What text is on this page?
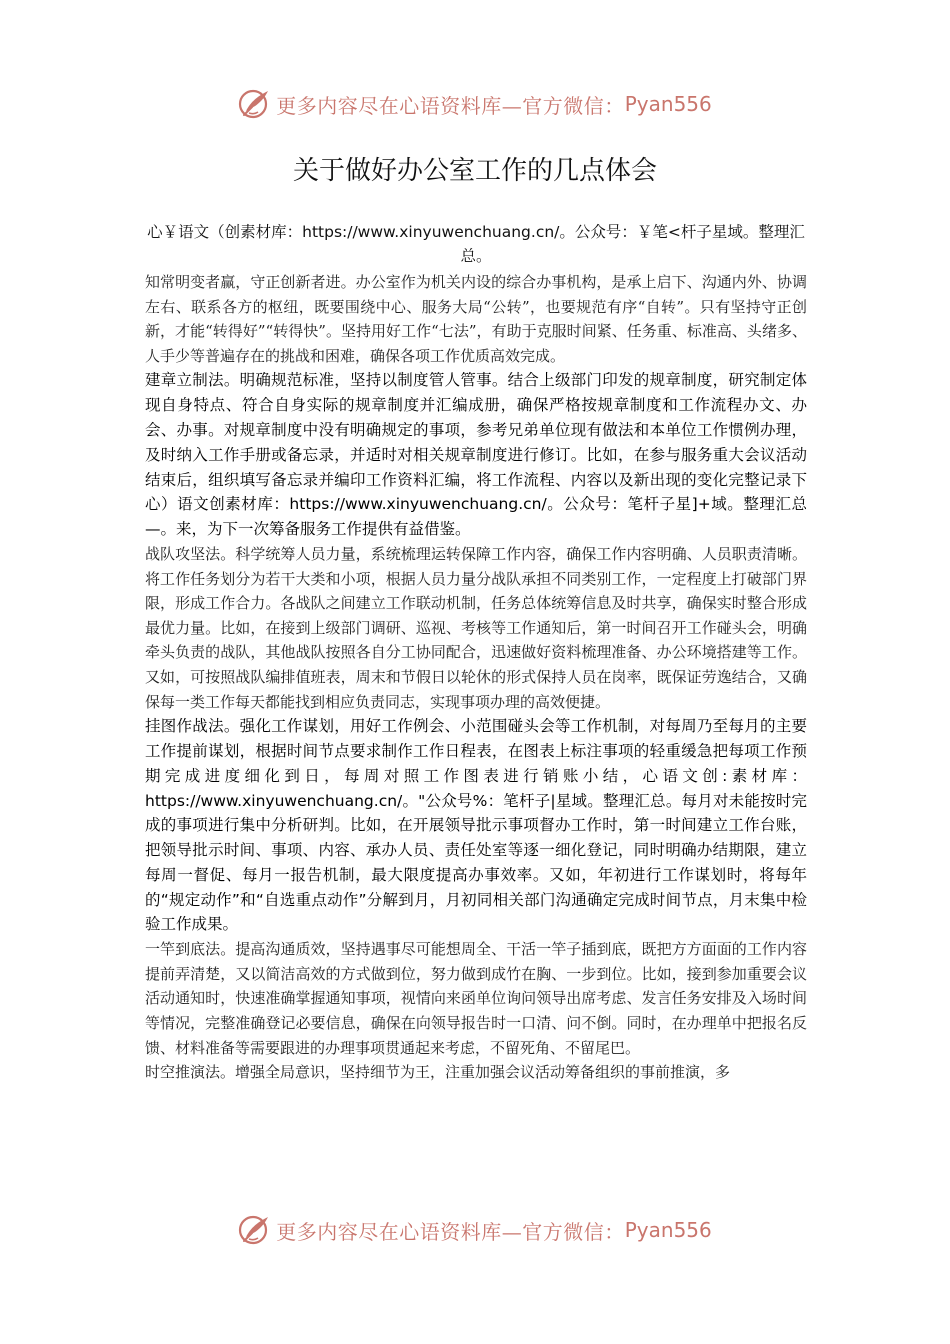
更多内容尽在心语资料库—官方微信： Pyan556
关于做好办公室工作的几点体会
心￥语文（创素材库：https://www.xinyuwenchuang.cn/。公众号：￥笔<杆子星域。整理汇总。

知常明变者赢，守正创新者进。办公室作为机关内设的综合办事机构，是承上启下、沟通内外、协调左右、联系各方的枢纽，既要围绕中心、服务大局“公转”，也要规范有序“自转”。只有坚持守正创新，才能“转得好”“转得快”。坚持用好工作“七法”，有助于克服时间紧、任务重、标准高、头绪多、人手少等普遍存在的挑战和困难，确保各项工作优质高效完成。

建章立制法。明确规范标准，坚持以制度管人管事。结合上级部门印发的规章制度，研究制定体现自身特点、符合自身实际的规章制度并汇编成册，确保严格按规章制度和工作流程办文、办会、办事。对规章制度中没有明确规定的事项，参考兄弟单位现有做法和本单位工作惯例办理，及时纳入工作手册或备忘录，并适时对相关规章制度进行修订。比如，在参与服务重大会议活动结束后，组织填写备忘录并编印工作资料汇编，将工作流程、内容以及新出现的变化完整记录下心）语文创素材库：https://www.xinyuwenchuang.cn/。公众号：笔杆子星]+域。整理汇总—。来，为下一次筹备服务工作提供有益借鉴。

战队攻坚法。科学统筹人员力量，系统梳理运转保障工作内容，确保工作内容明确、人员职责清晰。将工作任务划分为若干大类和小项，根据人员力量分战队承担不同类别工作，一定程度上打破部门界限，形成工作合力。各战队之间建立工作联动机制，任务总体统筹信息及时共享，确保实时整合形成最优力量。比如，在接到上级部门调研、巡视、考核等工作通知后，第一时间召开工作碰头会，明确牵头负责的战队，其他战队按照各自分工协同配合，迅速做好资料梳理准备、办公环境搭建等工作。又如，可按照战队编排值班表，周末和节假日以轮休的形式保持人员在岗率，既保证劳逸结合，又确保每一类工作每天都能找到相应负责同志，实现事项办理的高效便捷。

挂图作战法。强化工作谋划，用好工作例会、小范围碰头会等工作机制，对每周乃至每月的主要工作提前谋划，根据时间节点要求制作工作日程表，在图表上标注事项的轻重缓急把每项工作预期完成进度细化到日，每周对照工作图表进行销账小结，心语文创:素材库：https://www.xinyuwenchuang.cn/。"公众号%：笔杆子|星域。整理汇总。每月对未能按时完成的事项进行集中分析研判。比如，在开展领导批示事项督办工作时，第一时间建立工作台账，把领导批示时间、事项、内容、承办人员、责任处室等逐一细化登记，同时明确办结期限，建立每周一督促、每月一报告机制，最大限度提高办事效率。又如，年初进行工作谋划时，将每年的“规定动作”和“自选重点动作”分解到月，月初同相关部门沟通确定完成时间节点，月末集中检验工作成果。

一竿到底法。提高沟通质效，坚持遇事尽可能想周全、干活一竿子插到底，既把方方面面的工作内容提前弄清楚，又以简洁高效的方式做到位，努力做到成竹在胸、一步到位。比如，接到参加重要会议活动通知时，快速准确掌握通知事项，视情向来函单位询问领导出席考虑、发言任务安排及入场时间等情况，完整准确登记必要信息，确保在向领导报告时一口清、问不倒。同时，在办理单中把报名反馈、材料准备等需要跟进的办理事项贯通起来考虑，不留死角、不留尾巴。

时空推演法。增强全局意识，坚持细节为王，注重加强会议活动筹备组织的事前推演，多

更多内容尽在心语资料库—官方微信： Pyan556
